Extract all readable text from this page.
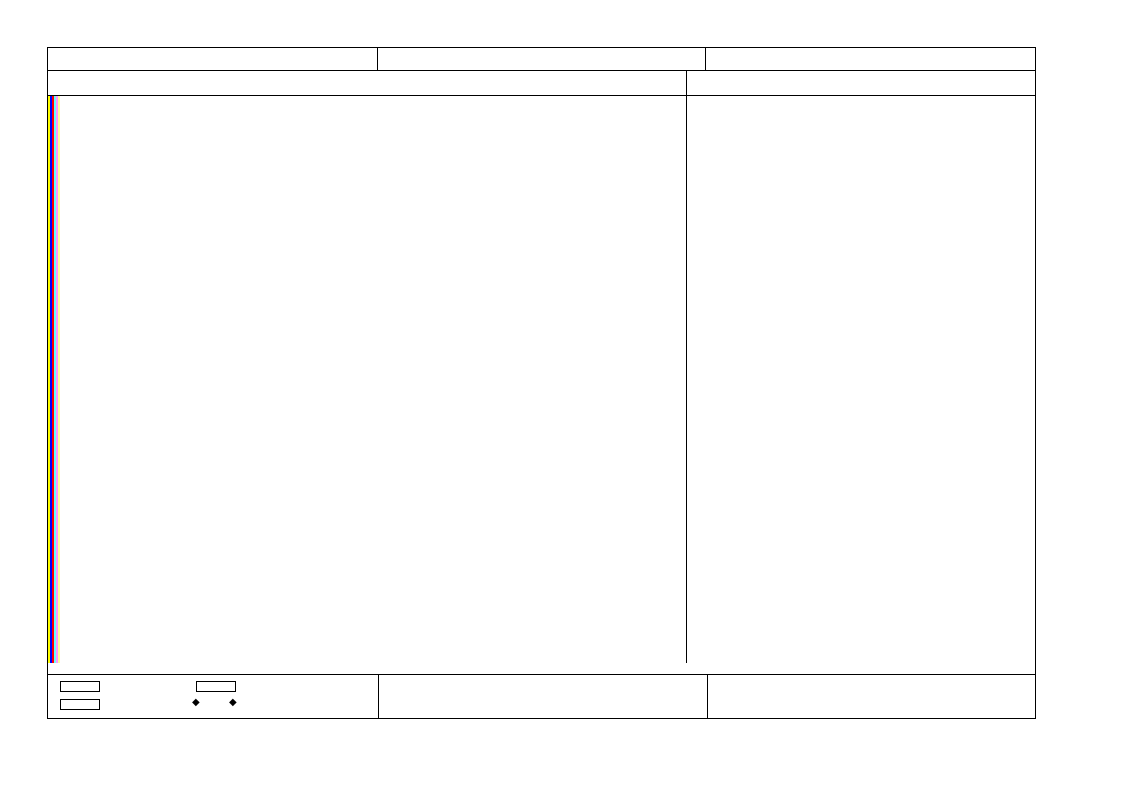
◆	◆
